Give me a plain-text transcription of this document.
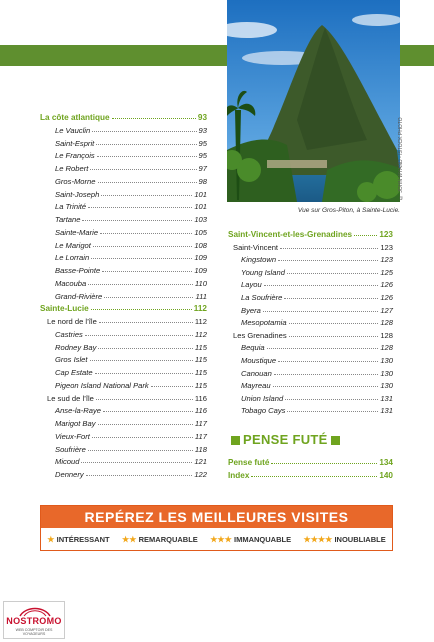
© JOHN WYAND - ISTOCK PHOTO
Vue sur Gros-Piton, à Sainte-Lucie.
La côte atlantique	93
Le Vauclin	93
Saint-Esprit	95
Le François	95
Le Robert	97
Gros-Morne	98
Saint-Joseph	101
La Trinité	101
Tartane	103
Sainte-Marie	105
Le Marigot	108
Le Lorrain	109
Basse-Pointe	109
Macouba	110
Grand-Rivière	111
Sainte-Lucie	112
Le nord de l’île	112
Castries	112
Rodney Bay	115
Gros Islet	115
Cap Estate	115
Pigeon Island National Park	115
Le sud de l’île	116
Anse-la-Raye	116
Marigot Bay	117
Vieux-Fort	117
Soufrière	118
Micoud	121
Dennery	122
Saint-Vincent-et-les-Grenadines	123
Saint-Vincent	123
Kingstown	123
Young Island	125
Layou	126
La Soufrière	126
Byera	127
Mesopotamia	128
Les Grenadines	128
Bequia	128
Moustique	130
Canouan	130
Mayreau	130
Union Island	131
Tobago Cays	131
PENSE FUTÉ
Pense futé	134
Index	140
REPÉREZ LES MEILLEURES VISITES
★ INTÉRESSANT ★★ REMARQUABLE ★★★ IMMANQUABLE ★★★★ INOUBLIABLE
NOSTROMO
WEB COMPTOIR DES VOYAGEURS
